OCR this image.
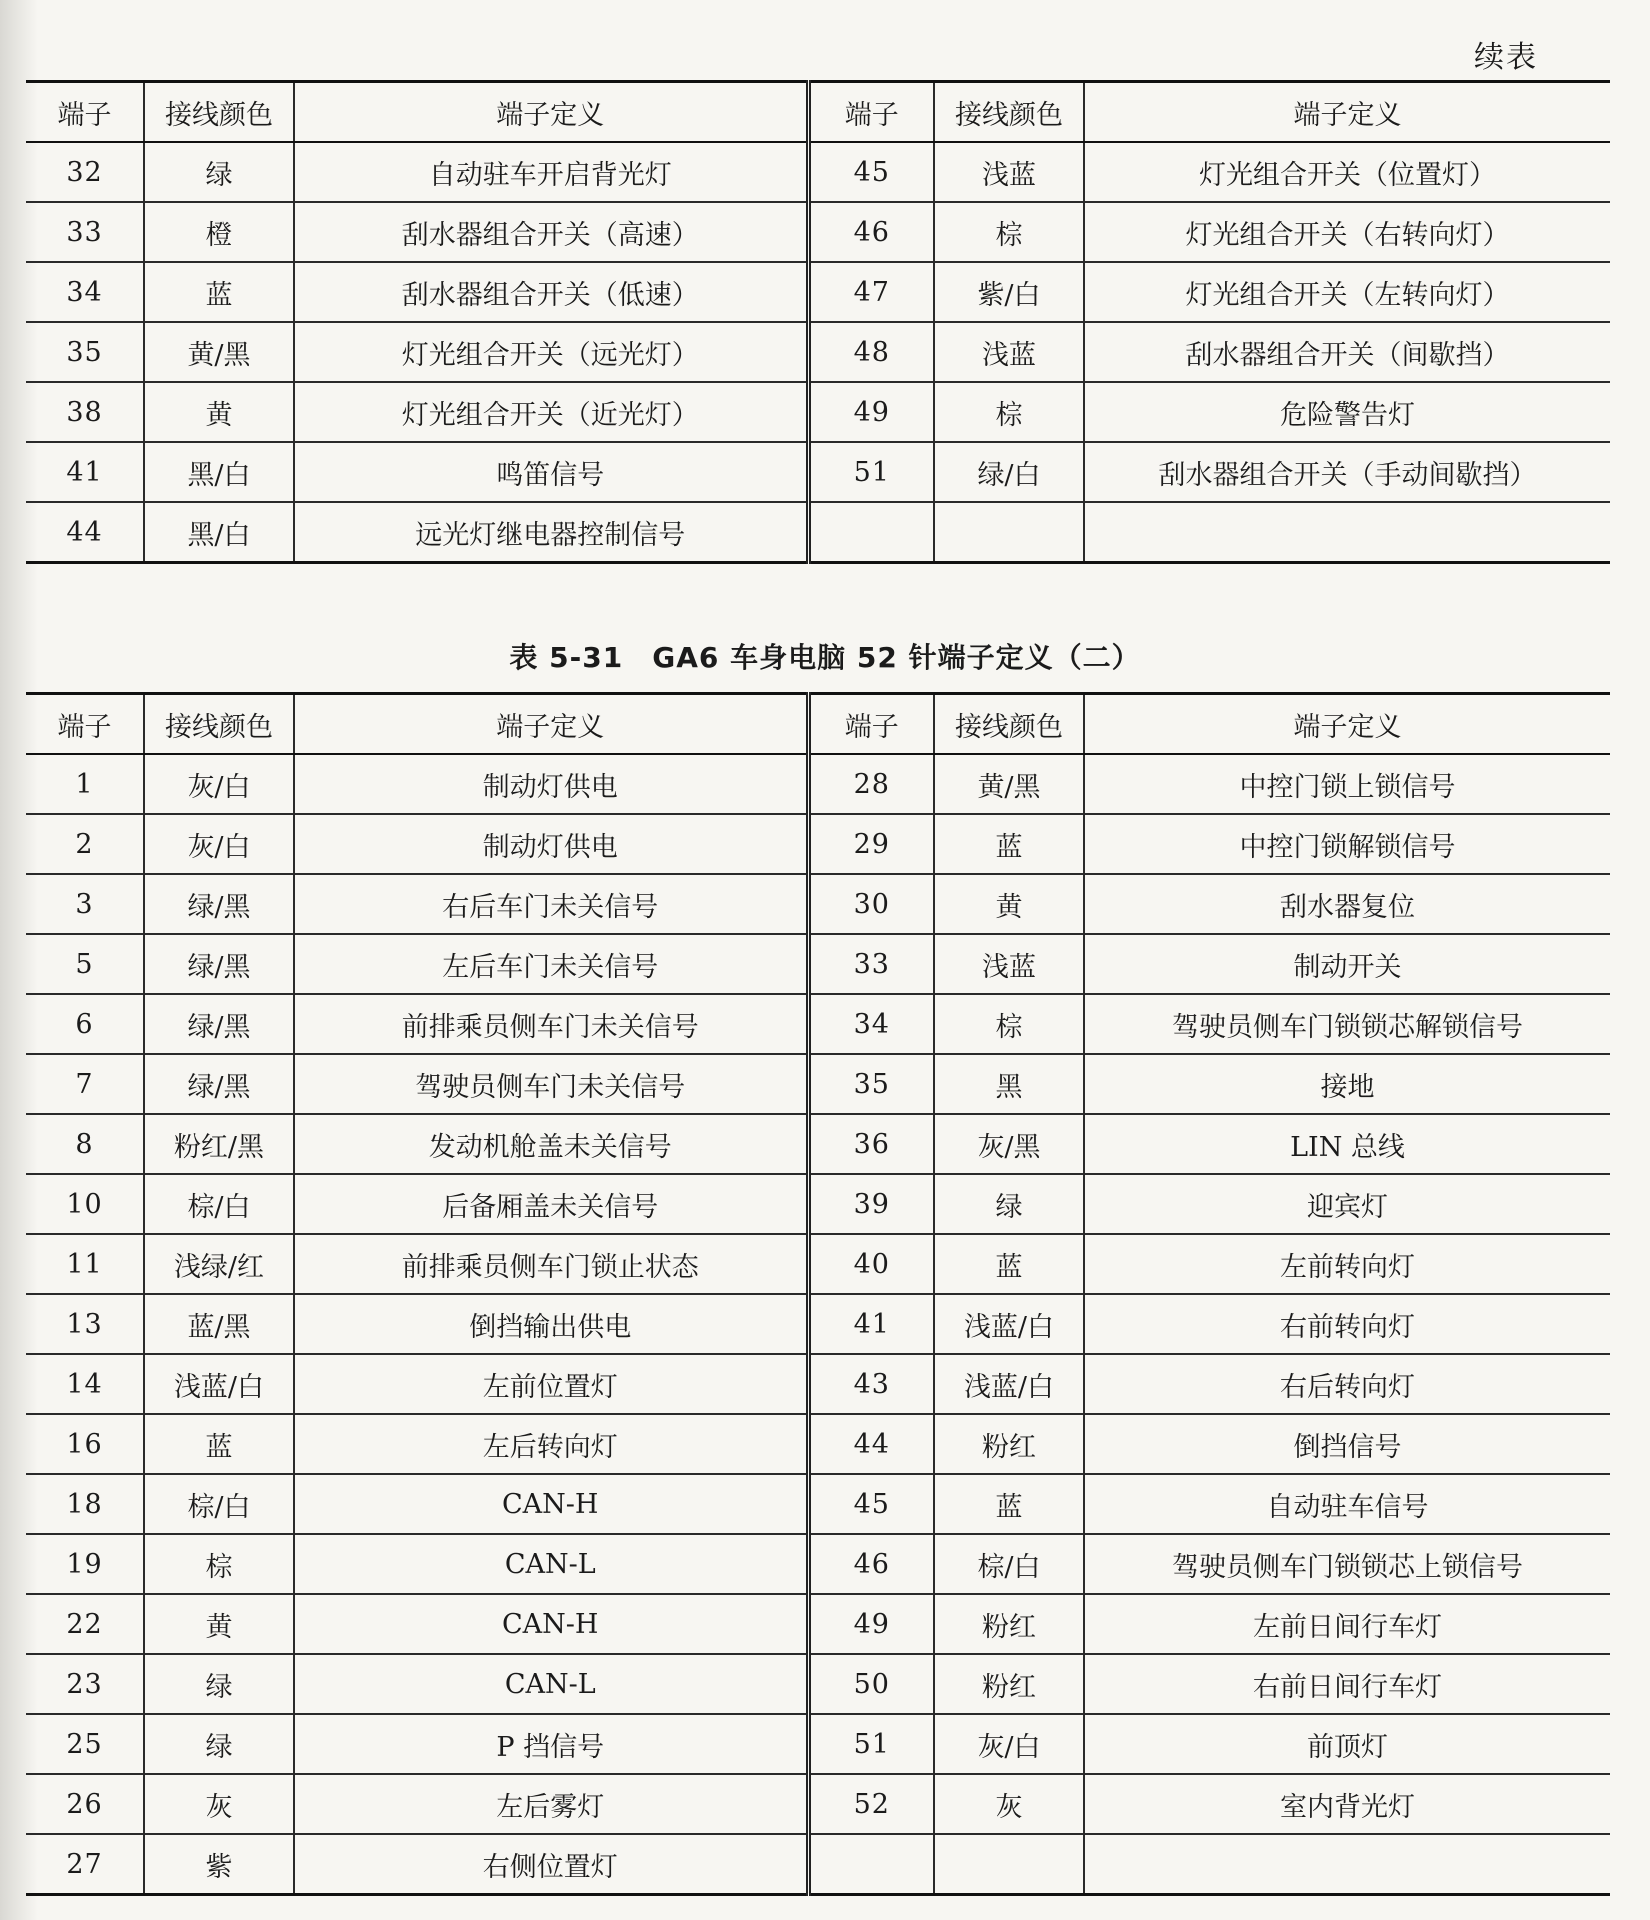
续表
端子	接线颜色	端子定义	端子	接线颜色	端子定义
32	绿	自动驻车开启背光灯	45	浅蓝	灯光组合开关（位置灯）
33	橙	刮水器组合开关（高速）	46	棕	灯光组合开关（右转向灯）
34	蓝	刮水器组合开关（低速）	47	紫/白	灯光组合开关（左转向灯）
35	黄/黑	灯光组合开关（远光灯）	48	浅蓝	刮水器组合开关（间歇挡）
38	黄	灯光组合开关（近光灯）	49	棕	危险警告灯
41	黑/白	鸣笛信号	51	绿/白	刮水器组合开关（手动间歇挡）
44	黑/白	远光灯继电器控制信号			
表 5-31　GA6 车身电脑 52 针端子定义（二）
端子	接线颜色	端子定义	端子	接线颜色	端子定义
1	灰/白	制动灯供电	28	黄/黑	中控门锁上锁信号
2	灰/白	制动灯供电	29	蓝	中控门锁解锁信号
3	绿/黑	右后车门未关信号	30	黄	刮水器复位
5	绿/黑	左后车门未关信号	33	浅蓝	制动开关
6	绿/黑	前排乘员侧车门未关信号	34	棕	驾驶员侧车门锁锁芯解锁信号
7	绿/黑	驾驶员侧车门未关信号	35	黑	接地
8	粉红/黑	发动机舱盖未关信号	36	灰/黑	LIN 总线
10	棕/白	后备厢盖未关信号	39	绿	迎宾灯
11	浅绿/红	前排乘员侧车门锁止状态	40	蓝	左前转向灯
13	蓝/黑	倒挡输出供电	41	浅蓝/白	右前转向灯
14	浅蓝/白	左前位置灯	43	浅蓝/白	右后转向灯
16	蓝	左后转向灯	44	粉红	倒挡信号
18	棕/白	CAN-H	45	蓝	自动驻车信号
19	棕	CAN-L	46	棕/白	驾驶员侧车门锁锁芯上锁信号
22	黄	CAN-H	49	粉红	左前日间行车灯
23	绿	CAN-L	50	粉红	右前日间行车灯
25	绿	P 挡信号	51	灰/白	前顶灯
26	灰	左后雾灯	52	灰	室内背光灯
27	紫	右侧位置灯			
